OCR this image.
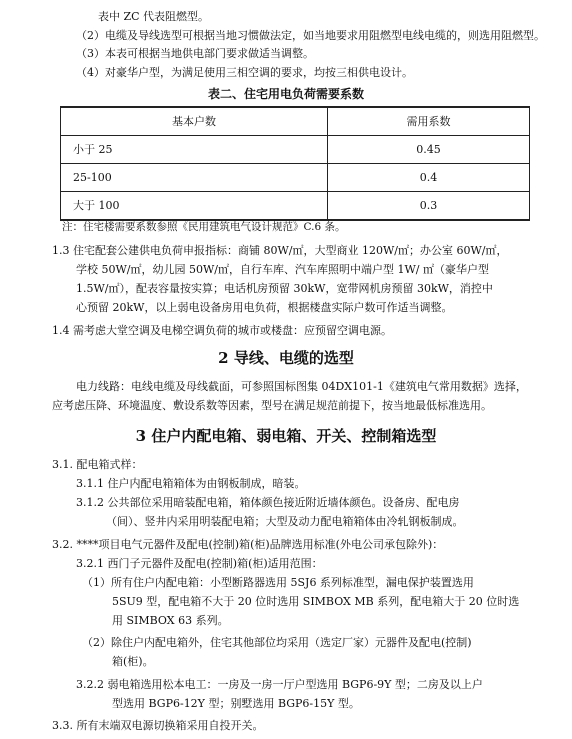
表中 ZC 代表阻燃型。
（2）电缆及导线选型可根据当地习惯做法定，如当地要求用阻燃型电线电缆的，则选用阻燃型。
（3）本表可根据当地供电部门要求做适当调整。
（4）对豪华户型，为满足使用三相空调的要求，均按三相供电设计。
表二、住宅用电负荷需要系数
基本户数	需用系数
小于 25	0.45
25-100	0.4
大于 100	0.3
注：住宅楼需要系数参照《民用建筑电气设计规范》C.6 条。
1.3 住宅配套公建供电负荷申报指标：商铺 80W/㎡，大型商业 120W/㎡；办公室 60W/㎡，
学校 50W/㎡，幼儿园 50W/㎡，自行车库、汽车库照明中端户型 1W/ ㎡（豪华户型
1.5W/㎡），配表容量按实算；电话机房预留 30kW，宽带网机房预留 30kW，消控中
心预留 20kW，以上弱电设备房用电负荷，根据楼盘实际户数可作适当调整。
1.4 需考虑大堂空调及电梯空调负荷的城市或楼盘：应预留空调电源。
2 导线、电缆的选型
电力线路：电线电缆及母线截面，可参照国标图集 04DX101-1《建筑电气常用数据》选择，
应考虑压降、环境温度、敷设系数等因素，型号在满足规范前提下，按当地最低标准选用。
3 住户内配电箱、弱电箱、开关、控制箱选型
3.1. 配电箱式样：
3.1.1 住户内配电箱箱体为由钢板制成，暗装。
3.1.2 公共部位采用暗装配电箱，箱体颜色接近附近墙体颜色。设备房、配电房
（间）、竖井内采用明装配电箱；大型及动力配电箱箱体由冷轧钢板制成。
3.2. ****项目电气元器件及配电(控制)箱(柜)品牌选用标准(外电公司承包除外)：
3.2.1 西门子元器件及配电(控制)箱(柜)适用范围：
（1）所有住户内配电箱：小型断路器选用 5SJ6 系列标准型，漏电保护装置选用
5SU9 型，配电箱不大于 20 位时选用 SIMBOX MB 系列，配电箱大于 20 位时选
用 SIMBOX 63 系列。
（2）除住户内配电箱外，住宅其他部位均采用（选定厂家）元器件及配电(控制)
箱(柜)。
3.2.2 弱电箱选用松本电工：一房及一房一厅户型选用 BGP6-9Y 型；二房及以上户
型选用 BGP6-12Y 型；别墅选用 BGP6-15Y 型。
3.3. 所有末端双电源切换箱采用自投开关。
